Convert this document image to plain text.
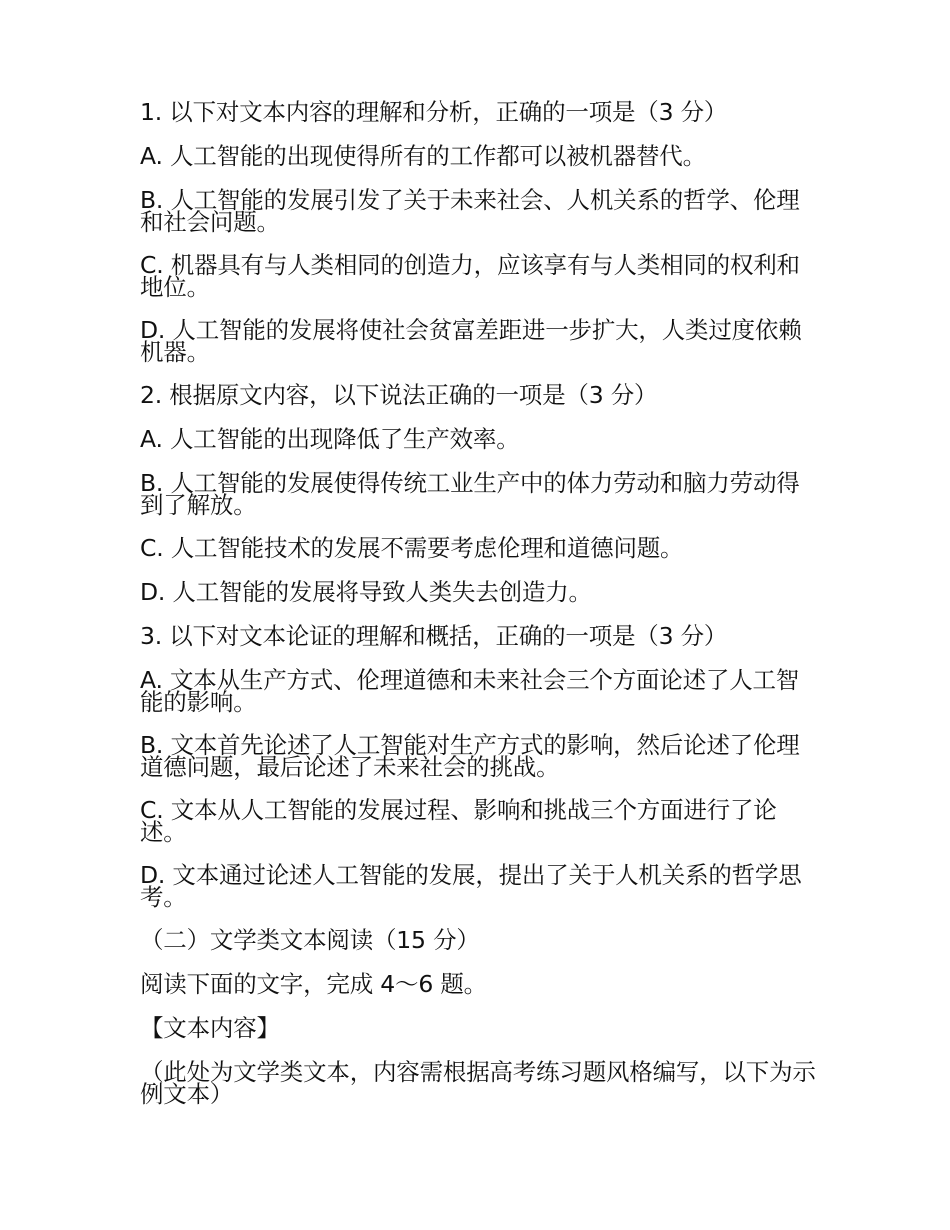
1. 以下对文本内容的理解和分析，正确的一项是（3 分）
A. 人工智能的出现使得所有的工作都可以被机器替代。
B. 人工智能的发展引发了关于未来社会、人机关系的哲学、伦理和社会问题。
C. 机器具有与人类相同的创造力，应该享有与人类相同的权利和地位。
D. 人工智能的发展将使社会贫富差距进一步扩大，人类过度依赖机器。
2. 根据原文内容，以下说法正确的一项是（3 分）
A. 人工智能的出现降低了生产效率。
B. 人工智能的发展使得传统工业生产中的体力劳动和脑力劳动得到了解放。
C. 人工智能技术的发展不需要考虑伦理和道德问题。
D. 人工智能的发展将导致人类失去创造力。
3. 以下对文本论证的理解和概括，正确的一项是（3 分）
A. 文本从生产方式、伦理道德和未来社会三个方面论述了人工智能的影响。
B. 文本首先论述了人工智能对生产方式的影响，然后论述了伦理道德问题，最后论述了未来社会的挑战。
C. 文本从人工智能的发展过程、影响和挑战三个方面进行了论述。
D. 文本通过论述人工智能的发展，提出了关于人机关系的哲学思考。
（二）文学类文本阅读（15 分）
阅读下面的文字，完成 4～6 题。
【文本内容】
（此处为文学类文本，内容需根据高考练习题风格编写，以下为示例文本）
